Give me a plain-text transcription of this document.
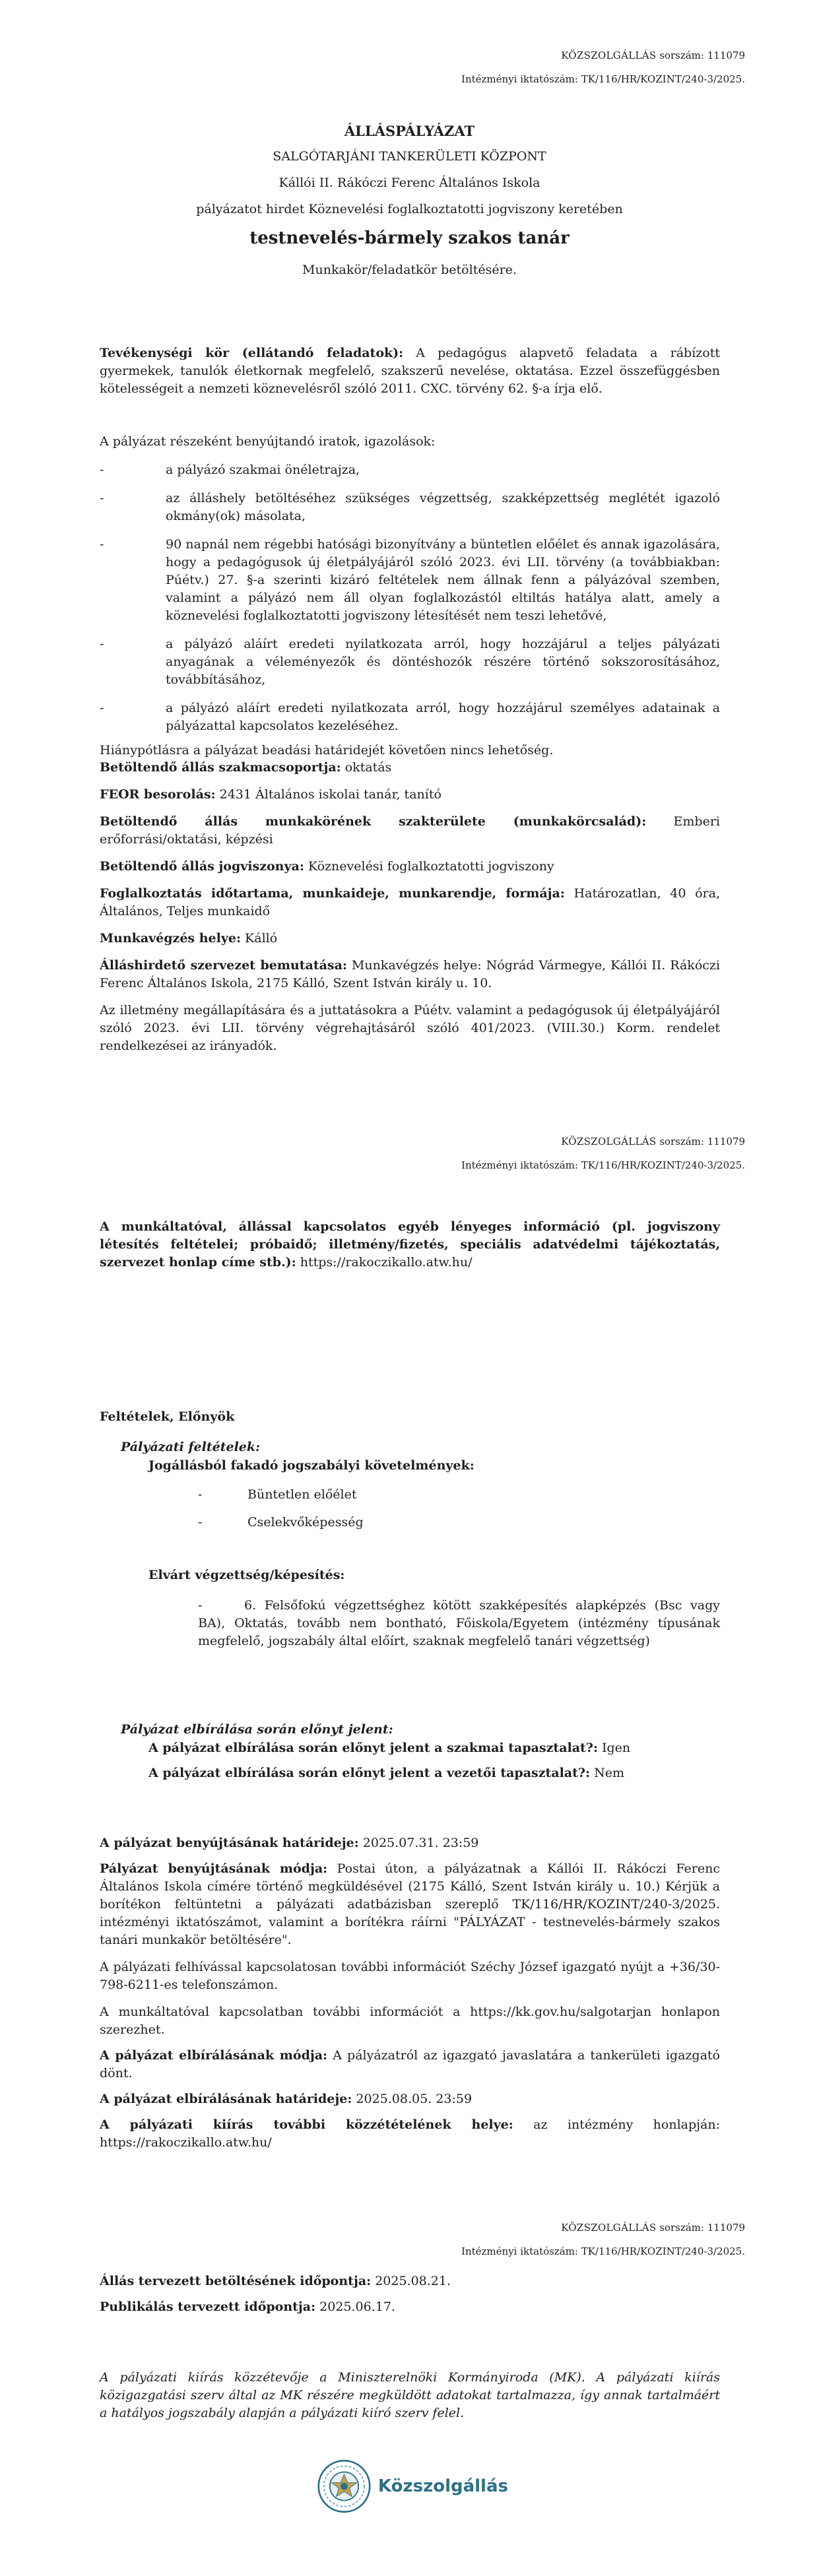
KÖZSZOLGÁLLÁS sorszám: 111079
Intézményi iktatószám: TK/116/HR/KOZINT/240-3/2025.
ÁLLÁSPÁLYÁZAT
SALGÓTARJÁNI TANKERÜLETI KÖZPONT
Kállói II. Rákóczi Ferenc Általános Iskola
pályázatot hirdet Köznevelési foglalkoztatotti jogviszony keretében
testnevelés-bármely szakos tanár
Munkakör/feladatkör betöltésére.
Tevékenységi kör (ellátandó feladatok): A pedagógus alapvető feladata a rábízott gyermekek, tanulók életkornak megfelelő, szakszerű nevelése, oktatása. Ezzel összefüggésben kötelességeit a nemzeti köznevelésről szóló 2011. CXC. törvény 62. §-a írja elő.
A pályázat részeként benyújtandó iratok, igazolások:
-	a pályázó szakmai önéletrajza,
-	az álláshely betöltéséhez szükséges végzettség, szakképzettség meglétét igazoló okmány(ok) másolata,
-	90 napnál nem régebbi hatósági bizonyítvány a büntetlen előélet és annak igazolására, hogy a pedagógusok új életpályájáról szóló 2023. évi LII. törvény (a továbbiakban: Púétv.) 27. §-a szerinti kizáró feltételek nem állnak fenn a pályázóval szemben, valamint a pályázó nem áll olyan foglalkozástól eltiltás hatálya alatt, amely a köznevelési foglalkoztatotti jogviszony létesítését nem teszi lehetővé,
-	a pályázó aláírt eredeti nyilatkozata arról, hogy hozzájárul a teljes pályázati anyagának a véleményezők és döntéshozók részére történő sokszorosításához, továbbításához,
-	a pályázó aláírt eredeti nyilatkozata arról, hogy hozzájárul személyes adatainak a pályázattal kapcsolatos kezeléséhez.
Hiánypótlásra a pályázat beadási határidejét követően nincs lehetőség.
Betöltendő állás szakmacsoportja: oktatás
FEOR besorolás: 2431 Általános iskolai tanár, tanító
Betöltendő állás munkakörének szakterülete (munkakörcsalád): Emberi erőforrási/oktatási, képzési
Betöltendő állás jogviszonya: Köznevelési foglalkoztatotti jogviszony
Foglalkoztatás időtartama, munkaideje, munkarendje, formája: Határozatlan, 40 óra, Általános, Teljes munkaidő
Munkavégzés helye: Kálló
Álláshirdető szervezet bemutatása: Munkavégzés helye: Nógrád Vármegye, Kállói II. Rákóczi Ferenc Általános Iskola, 2175 Kálló, Szent István király u. 10.
Az illetmény megállapítására és a juttatásokra a Púétv. valamint a pedagógusok új életpályájáról szóló 2023. évi LII. törvény végrehajtásáról szóló 401/2023. (VIII.30.) Korm. rendelet rendelkezései az irányadók.
KÖZSZOLGÁLLÁS sorszám: 111079
Intézményi iktatószám: TK/116/HR/KOZINT/240-3/2025.
A munkáltatóval, állással kapcsolatos egyéb lényeges információ (pl. jogviszony létesítés feltételei; próbaidő; illetmény/fizetés, speciális adatvédelmi tájékoztatás, szervezet honlap címe stb.): https://rakoczikallo.atw.hu/
Feltételek, Előnyök
Pályázati feltételek:
Jogállásból fakadó jogszabályi követelmények:
-	Büntetlen előélet
-	Cselekvőképesség
Elvárt végzettség/képesítés:
-	6. Felsőfokú végzettséghez kötött szakképesítés alapképzés (Bsc vagy BA), Oktatás, tovább nem bontható, Főiskola/Egyetem (intézmény típusának megfelelő, jogszabály által előírt, szaknak megfelelő tanári végzettség)
Pályázat elbírálása során előnyt jelent:
A pályázat elbírálása során előnyt jelent a szakmai tapasztalat?: Igen
A pályázat elbírálása során előnyt jelent a vezetői tapasztalat?: Nem
A pályázat benyújtásának határideje: 2025.07.31. 23:59
Pályázat benyújtásának módja: Postai úton, a pályázatnak a Kállói II. Rákóczi Ferenc Általános Iskola címére történő megküldésével (2175 Kálló, Szent István király u. 10.) Kérjük a borítékon feltüntetni a pályázati adatbázisban szereplő TK/116/HR/KOZINT/240-3/2025. intézményi iktatószámot, valamint a borítékra ráírni "PÁLYÁZAT - testnevelés-bármely szakos tanári munkakör betöltésére".
A pályázati felhívással kapcsolatosan további információt Széchy József igazgató nyújt a +36/30-798-6211-es telefonszámon.
A munkáltatóval kapcsolatban további információt a https://kk.gov.hu/salgotarjan honlapon szerezhet.
A pályázat elbírálásának módja: A pályázatról az igazgató javaslatára a tankerületi igazgató dönt.
A pályázat elbírálásának határideje: 2025.08.05. 23:59
A pályázati kiírás további közzétételének helye: az intézmény honlapján: https://rakoczikallo.atw.hu/
KÖZSZOLGÁLLÁS sorszám: 111079
Intézményi iktatószám: TK/116/HR/KOZINT/240-3/2025.
Állás tervezett betöltésének időpontja: 2025.08.21.
Publikálás tervezett időpontja: 2025.06.17.
A pályázati kiírás közzétevője a Miniszterelnöki Kormányiroda (MK). A pályázati kiírás közigazgatási szerv által az MK részére megküldött adatokat tartalmazza, így annak tartalmáért a hatályos jogszabály alapján a pályázati kiíró szerv felel.
Közszolgállás
